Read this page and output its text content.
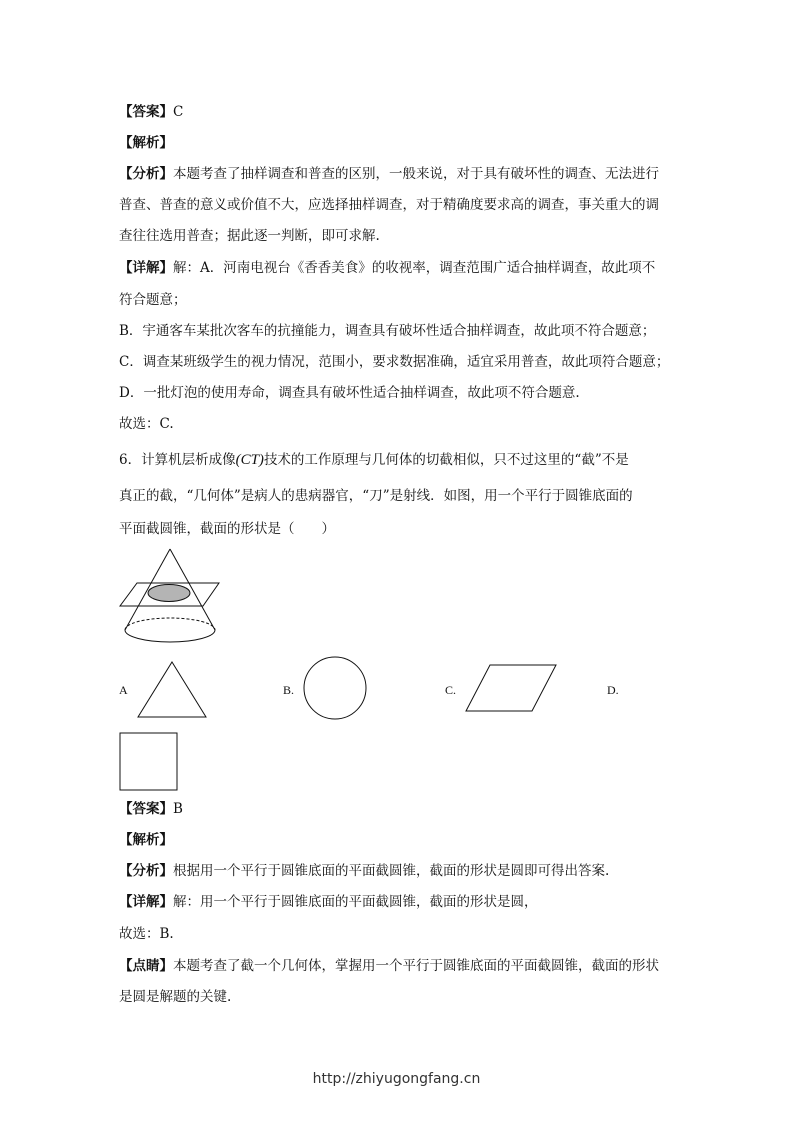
【答案】C
【解析】
【分析】本题考查了抽样调查和普查的区别，一般来说，对于具有破坏性的调查、无法进行
普查、普查的意义或价值不大，应选择抽样调查，对于精确度要求高的调查，事关重大的调
查往往选用普查；据此逐一判断，即可求解.
【详解】解：A．河南电视台《香香美食》的收视率，调查范围广适合抽样调查，故此项不
符合题意；
B．宇通客车某批次客车的抗撞能力，调查具有破坏性适合抽样调查，故此项不符合题意；
C．调查某班级学生的视力情况，范围小，要求数据准确，适宜采用普查，故此项符合题意；
D．一批灯泡的使用寿命，调查具有破坏性适合抽样调查，故此项不符合题意.
故选：C.
6．计算机层析成像(CT)技术的工作原理与几何体的切截相似，只不过这里的“截”不是
真正的截，“几何体”是病人的患病器官，“刀”是射线．如图，用一个平行于圆锥底面的
平面截圆锥，截面的形状是（　　）
A	B.	C.	D.
【答案】B
【解析】
【分析】根据用一个平行于圆锥底面的平面截圆锥，截面的形状是圆即可得出答案.
【详解】解：用一个平行于圆锥底面的平面截圆锥，截面的形状是圆，
故选：B.
【点睛】本题考查了截一个几何体，掌握用一个平行于圆锥底面的平面截圆锥，截面的形状
是圆是解题的关键.
http://zhiyugongfang.cn
